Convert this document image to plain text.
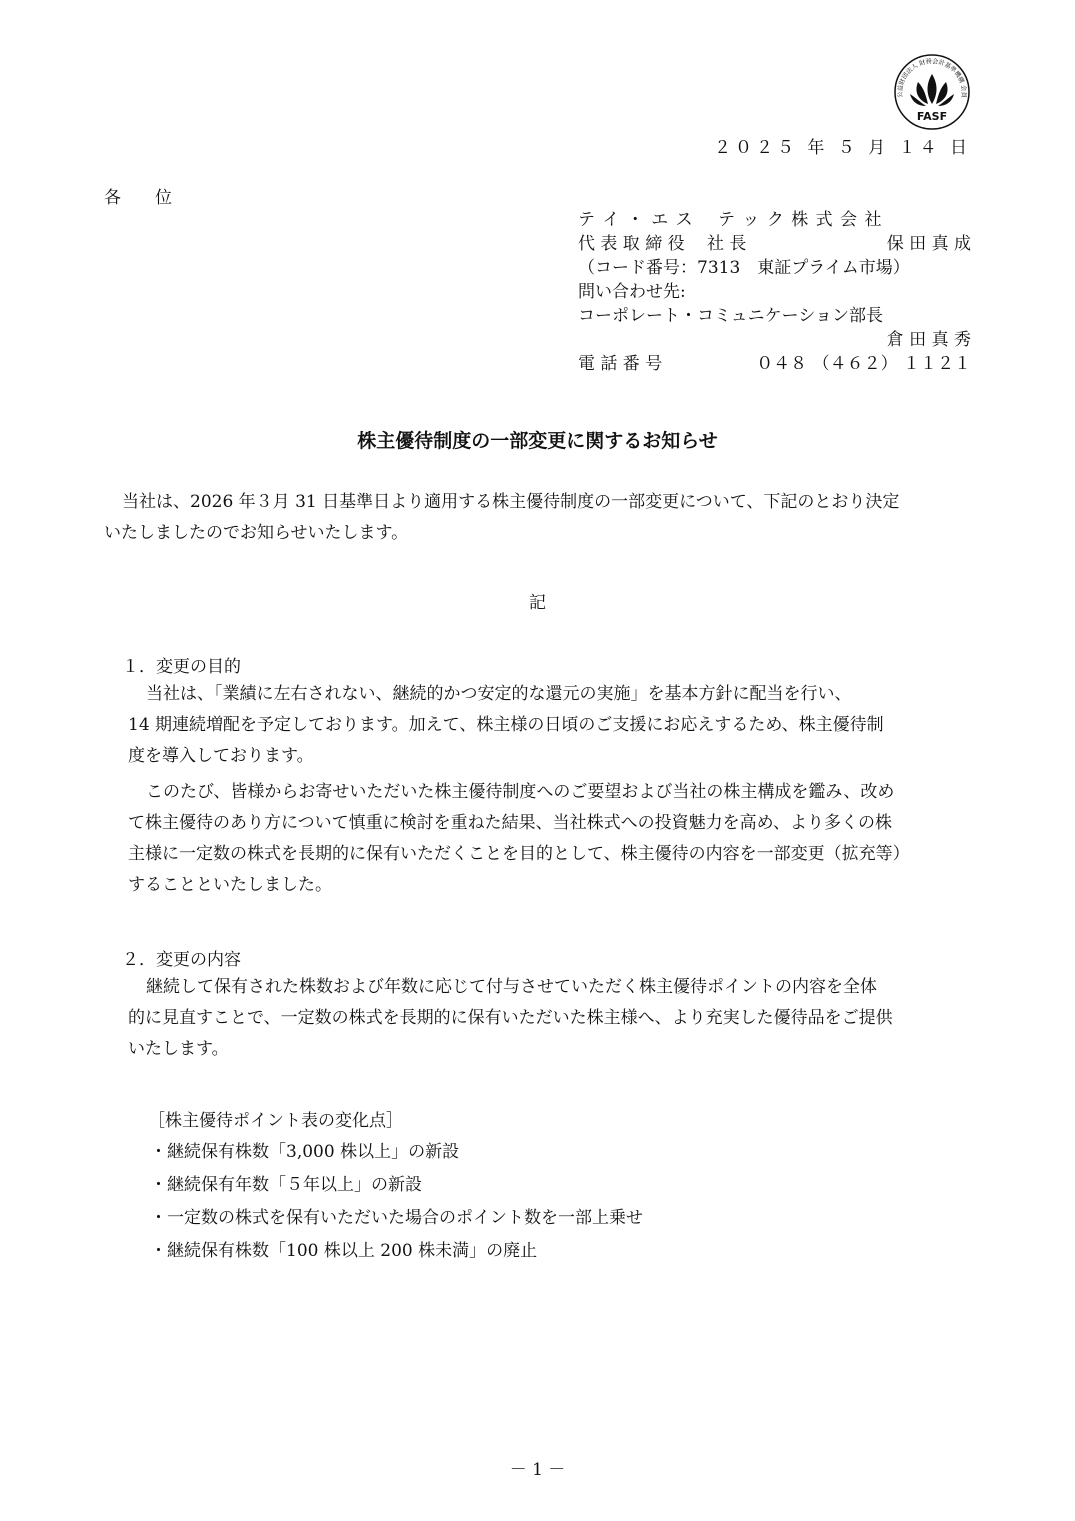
公益財団法人 財務会計基準機構 会員
FASF
２０２５ 年 ５ 月 １４ 日
各　　位
テ イ ・ エ ス　 テ ッ ク 株 式 会 社
代 表 取 締 役　 社 長	保 田 真 成
（コード番号：7313　東証プライム市場）
問い合わせ先:
コーポレート・コミュニケーション部長
倉 田 真 秀
電 話 番 号	０４８ （４６２） １１２１
株主優待制度の一部変更に関するお知らせ
当社は、2026 年３月 31 日基準日より適用する株主優待制度の一部変更について、下記のとおり決定
いたしましたのでお知らせいたします。
記
１．変更の目的
当社は、「業績に左右されない、継続的かつ安定的な還元の実施」を基本方針に配当を行い、
14 期連続増配を予定しております。加えて、株主様の日頃のご支援にお応えするため、株主優待制
度を導入しております。
このたび、皆様からお寄せいただいた株主優待制度へのご要望および当社の株主構成を鑑み、改め
て株主優待のあり方について慎重に検討を重ねた結果、当社株式への投資魅力を高め、より多くの株
主様に一定数の株式を長期的に保有いただくことを目的として、株主優待の内容を一部変更（拡充等）
することといたしました。
２．変更の内容
継続して保有された株数および年数に応じて付与させていただく株主優待ポイントの内容を全体
的に見直すことで、一定数の株式を長期的に保有いただいた株主様へ、より充実した優待品をご提供
いたします。
［株主優待ポイント表の変化点］
・継続保有株数「3,000 株以上」の新設
・継続保有年数「５年以上」の新設
・一定数の株式を保有いただいた場合のポイント数を一部上乗せ
・継続保有株数「100 株以上 200 株未満」の廃止
－ 1 －
